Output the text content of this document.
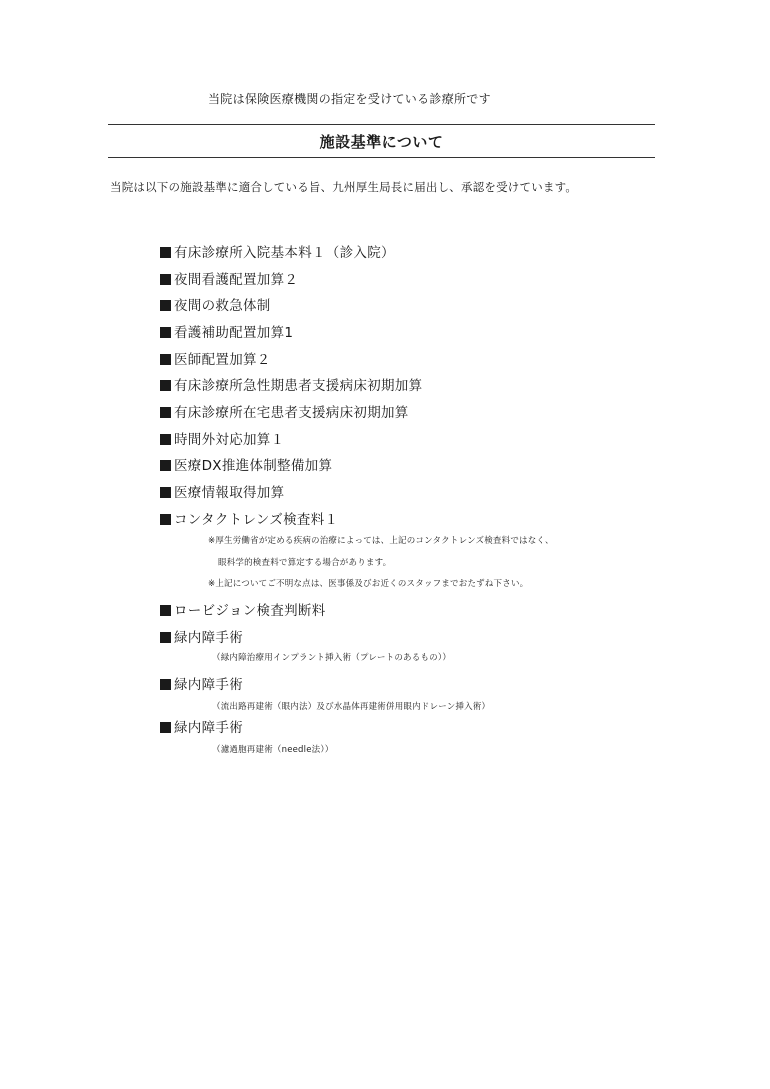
当院は保険医療機関の指定を受けている診療所です
施設基準について
当院は以下の施設基準に適合している旨、九州厚生局長に届出し、承認を受けています。
有床診療所入院基本料１（診入院）
夜間看護配置加算２
夜間の救急体制
看護補助配置加算1
医師配置加算２
有床診療所急性期患者支援病床初期加算
有床診療所在宅患者支援病床初期加算
時間外対応加算１
医療DX推進体制整備加算
医療情報取得加算
コンタクトレンズ検査料１
※厚生労働省が定める疾病の治療によっては、上記のコンタクトレンズ検査料ではなく、
眼科学的検査料で算定する場合があります。
※上記についてご不明な点は、医事係及びお近くのスタッフまでおたずね下さい。
ロービジョン検査判断料
緑内障手術
（緑内障治療用インプラント挿入術（プレートのあるもの））
緑内障手術
（流出路再建術（眼内法）及び水晶体再建術併用眼内ドレーン挿入術）
緑内障手術
（濾過胞再建術（needle法））
